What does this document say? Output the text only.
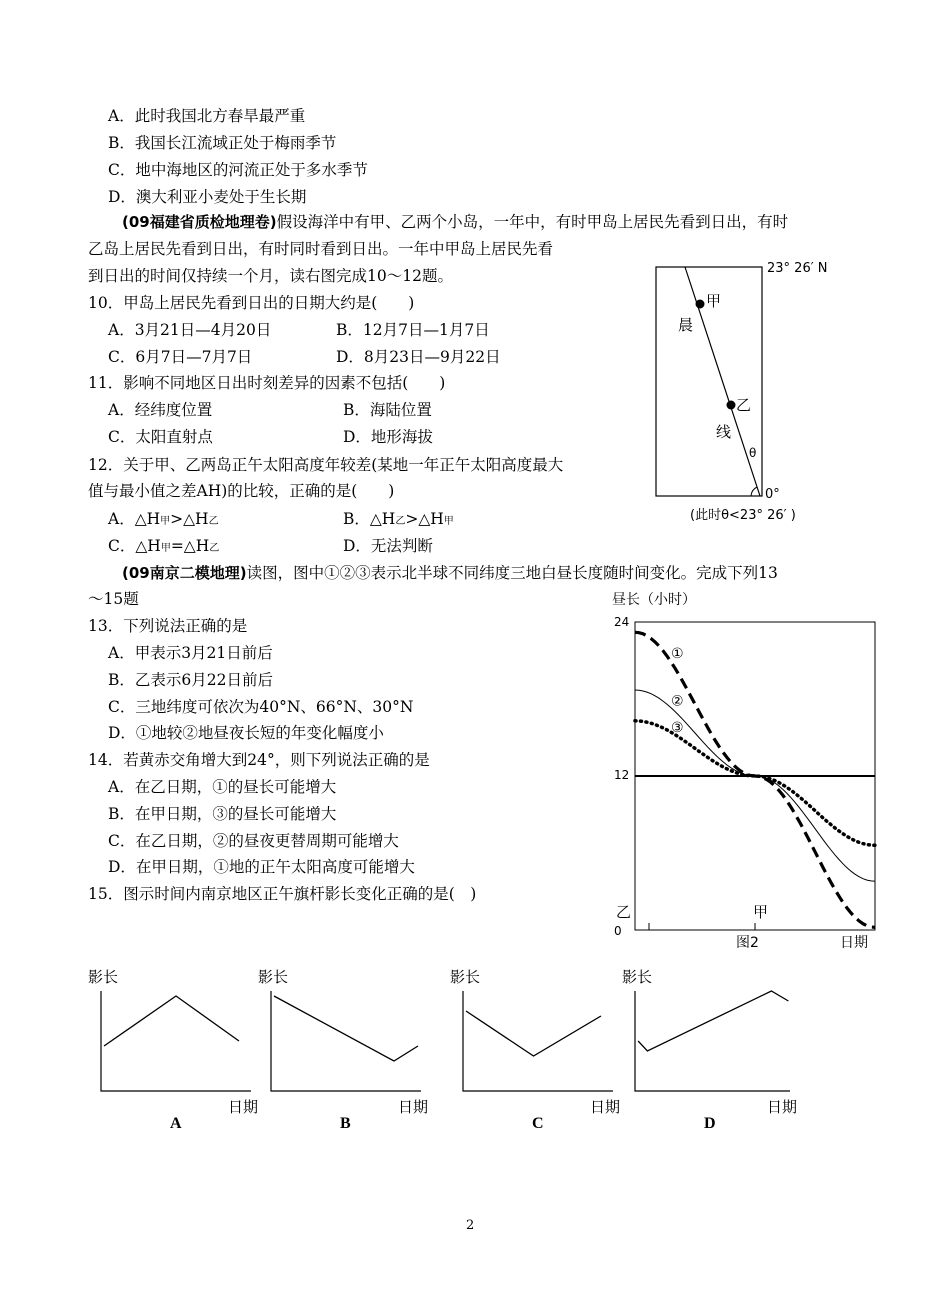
A．此时我国北方春旱最严重
B．我国长江流域正处于梅雨季节
C．地中海地区的河流正处于多水季节
D．澳大利亚小麦处于生长期
(09福建省质检地理卷)假设海洋中有甲、乙两个小岛，一年中，有时甲岛上居民先看到日出，有时
乙岛上居民先看到日出，有时同时看到日出。一年中甲岛上居民先看
到日出的时间仅持续一个月，读右图完成10～12题。
10．甲岛上居民先看到日出的日期大约是(　　)
A．3月21日—4月20日	B．12月7日—1月7日
C．6月7日—7月7日	D．8月23日—9月22日
11．影响不同地区日出时刻差异的因素不包括(　　)
A．经纬度位置	B．海陆位置
C．太阳直射点	D．地形海拔
12．关于甲、乙两岛正午太阳高度年较差(某地一年正午太阳高度最大
值与最小值之差AH)的比较，正确的是(　　)
A．△H甲>△H乙	B．△H乙>△H甲
C．△H甲=△H乙	D．无法判断
甲
晨
乙
线
θ
23° 26′ N
0°
(此时θ<23° 26′ )
(09南京二模地理)读图，图中①②③表示北半球不同纬度三地白昼长度随时间变化。完成下列13
～15题
13．下列说法正确的是
A．甲表示3月21日前后
B．乙表示6月22日前后
C．三地纬度可依次为40°N、66°N、30°N
D．①地较②地昼夜长短的年变化幅度小
14．若黄赤交角增大到24°，则下列说法正确的是
A．在乙日期，①的昼长可能增大
B．在甲日期，③的昼长可能增大
C．在乙日期，②的昼夜更替周期可能增大
D．在甲日期，①地的正午太阳高度可能增大
15．图示时间内南京地区正午旗杆影长变化正确的是(　)
昼长（小时）
24
12
0
①
②
③
乙	甲
图2	日期
影长
日期
A
影长
日期
B
影长
日期
C
影长
日期
D
2
